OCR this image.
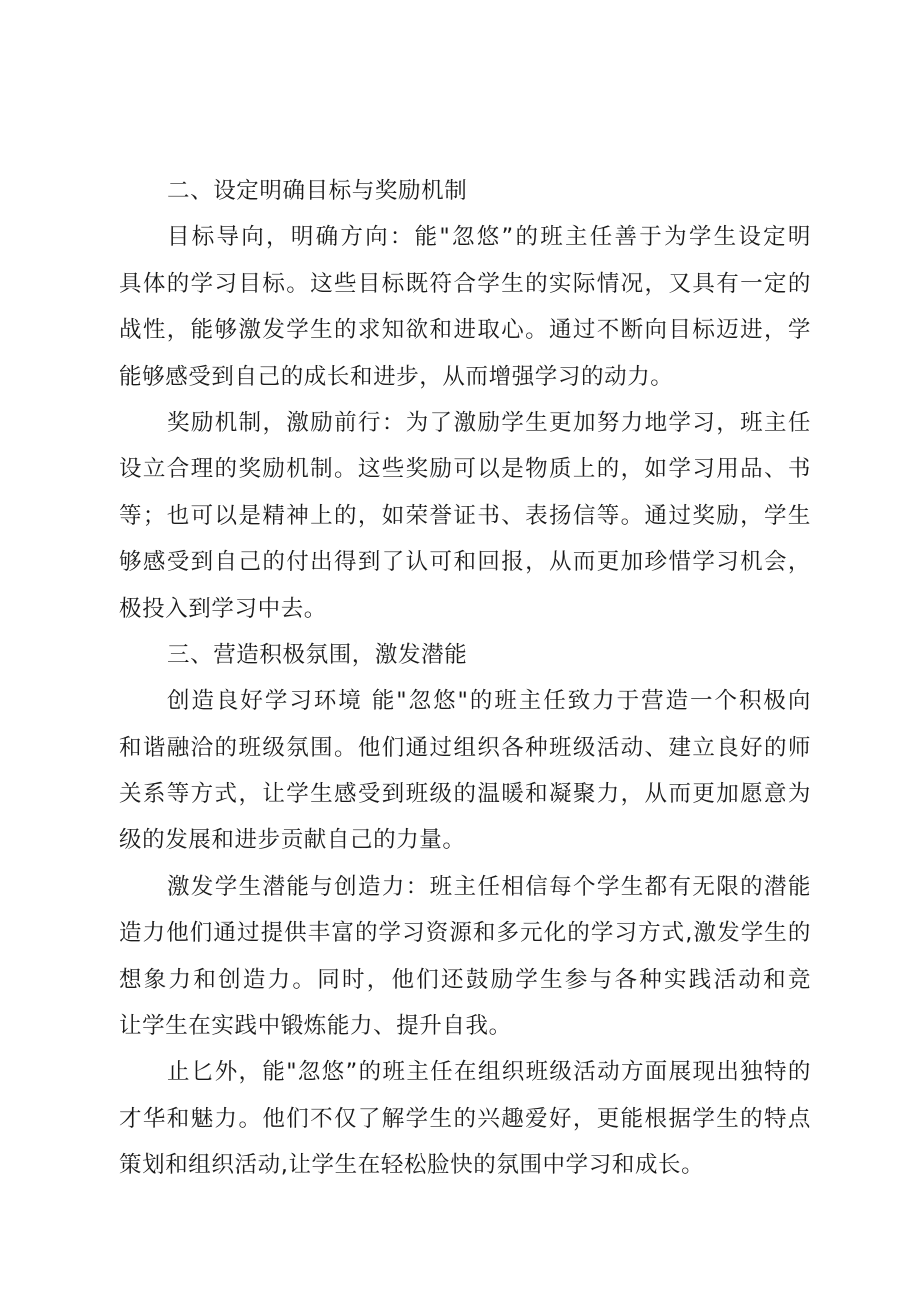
二、设定明确目标与奖励机制
目标导向，明确方向：能"忽悠”的班主任善于为学生设定明
具体的学习目标。这些目标既符合学生的实际情况，又具有一定的
战性，能够激发学生的求知欲和进取心。通过不断向目标迈进，学
能够感受到自己的成长和进步，从而增强学习的动力。
奖励机制，激励前行：为了激励学生更加努力地学习，班主任
设立合理的奖励机制。这些奖励可以是物质上的，如学习用品、书
等；也可以是精神上的，如荣誉证书、表扬信等。通过奖励，学生
够感受到自己的付出得到了认可和回报，从而更加珍惜学习机会，
极投入到学习中去。
三、营造积极氛围，激发潜能
创造良好学习环境 能"忽悠"的班主任致力于营造一个积极向
和谐融洽的班级氛围。他们通过组织各种班级活动、建立良好的师
关系等方式，让学生感受到班级的温暖和凝聚力，从而更加愿意为
级的发展和进步贡献自己的力量。
激发学生潜能与创造力：班主任相信每个学生都有无限的潜能
造力他们通过提供丰富的学习资源和多元化的学习方式,激发学生的
想象力和创造力。同时，他们还鼓励学生参与各种实践活动和竞
让学生在实践中锻炼能力、提升自我。
止匕外，能"忽悠”的班主任在组织班级活动方面展现出独特的
才华和魅力。他们不仅了解学生的兴趣爱好，更能根据学生的特点
策划和组织活动,让学生在轻松脸快的氛围中学习和成长。
